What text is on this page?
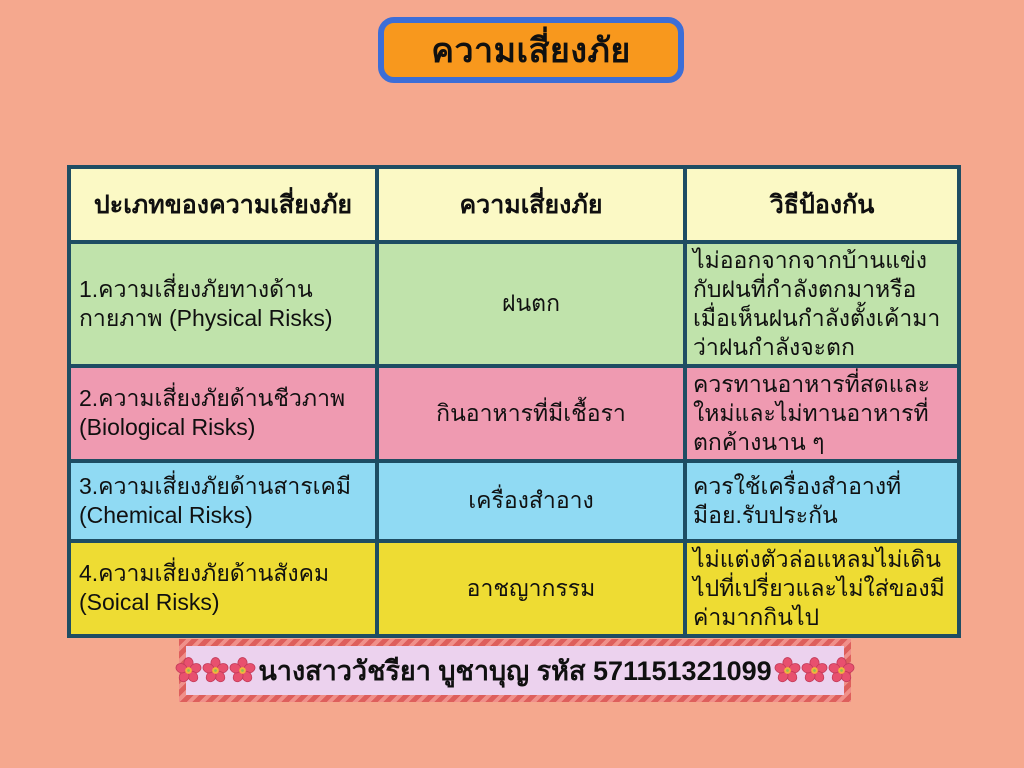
ความเสี่ยงภัย
ปะเภทของความเสี่ยงภัย	ความเสี่ยงภัย	วิธีป้องกัน
1.ความเสี่ยงภัยทางด้านกายภาพ (Physical Risks)	ฝนตก	ไม่ออกจากจากบ้านแข่งกับฝนที่​กำลังตกมาหรือเมื่อเห็นฝนกำลัง​ตั้งเค้ามาว่าฝนกำลังจะตก
2.ความเสี่ยงภัยด้านชีวภาพ (Biological Risks)	กินอาหารที่มีเชื้อรา	ควรทานอาหารที่สดและใหม่และ​ไม่ทานอาหารที่ตกค้างนาน ๆ
3.ความเสี่ยงภัยด้านสารเคมี (Chemical Risks)	เครื่องสำอาง	ควรใช้เครื่องสำอางที่มีอย.รับ​ประกัน
4.ความเสี่ยงภัยด้านสังคม (Soical Risks)	อาชญากรรม	ไม่แต่งตัวล่อแหลมไม่เดินไป​ที่เปรี่ยวและไม่ใส่ของมีค่ามากกิน​ไป
นางสาววัชรียา บูชาบุญ รหัส 571151321099
